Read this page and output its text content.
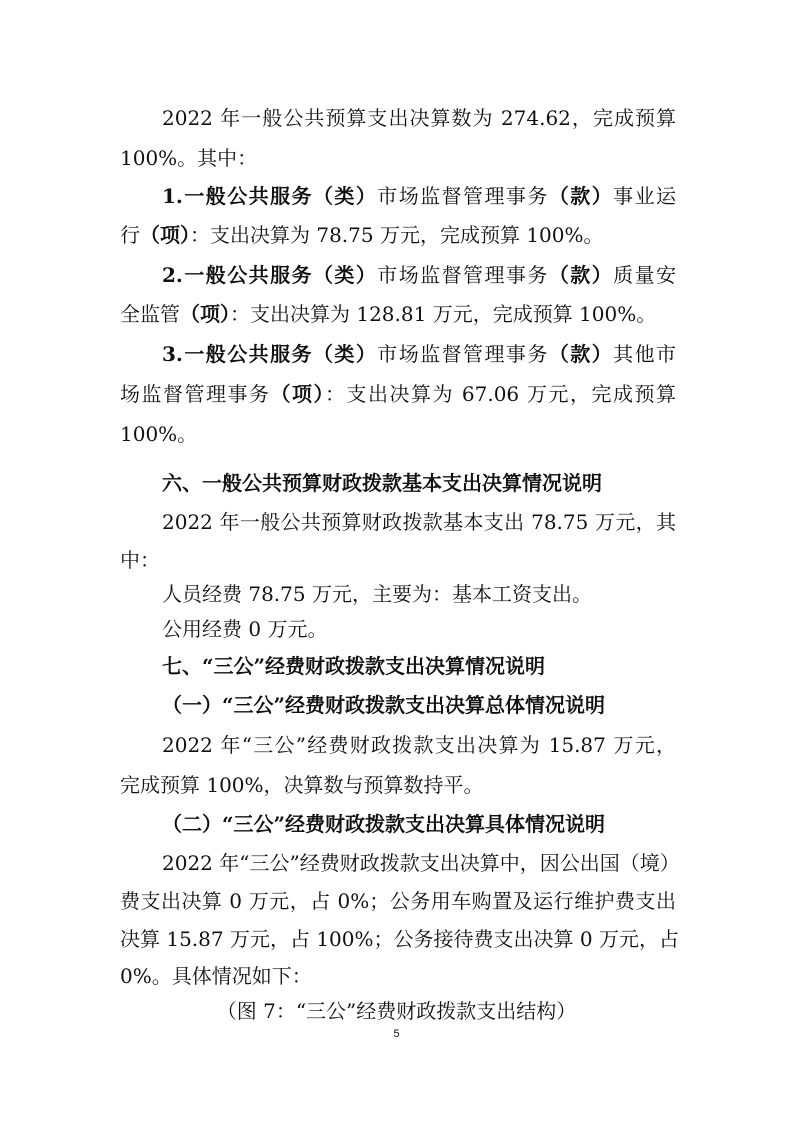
2022 年一般公共预算支出决算数为 274.62，完成预算
100%。其中：
1.一般公共服务（类）市场监督管理事务（款）事业运
行（项）：支出决算为 78.75 万元，完成预算 100%。
2.一般公共服务（类）市场监督管理事务（款）质量安
全监管（项）：支出决算为 128.81 万元，完成预算 100%。
3.一般公共服务（类）市场监督管理事务（款）其他市
场监督管理事务（项）：支出决算为 67.06 万元，完成预算
100%。
六、一般公共预算财政拨款基本支出决算情况说明
2022 年一般公共预算财政拨款基本支出 78.75 万元，其
中：
人员经费 78.75 万元，主要为：基本工资支出。
公用经费 0 万元。
七、“三公”经费财政拨款支出决算情况说明
（一）“三公”经费财政拨款支出决算总体情况说明
2022 年“三公”经费财政拨款支出决算为 15.87 万元，
完成预算 100%，决算数与预算数持平。
（二）“三公”经费财政拨款支出决算具体情况说明
2022 年“三公”经费财政拨款支出决算中，因公出国（境）
费支出决算 0 万元，占 0%；公务用车购置及运行维护费支出
决算 15.87 万元，占 100%；公务接待费支出决算 0 万元，占
0%。具体情况如下：
（图 7：“三公”经费财政拨款支出结构）
5
